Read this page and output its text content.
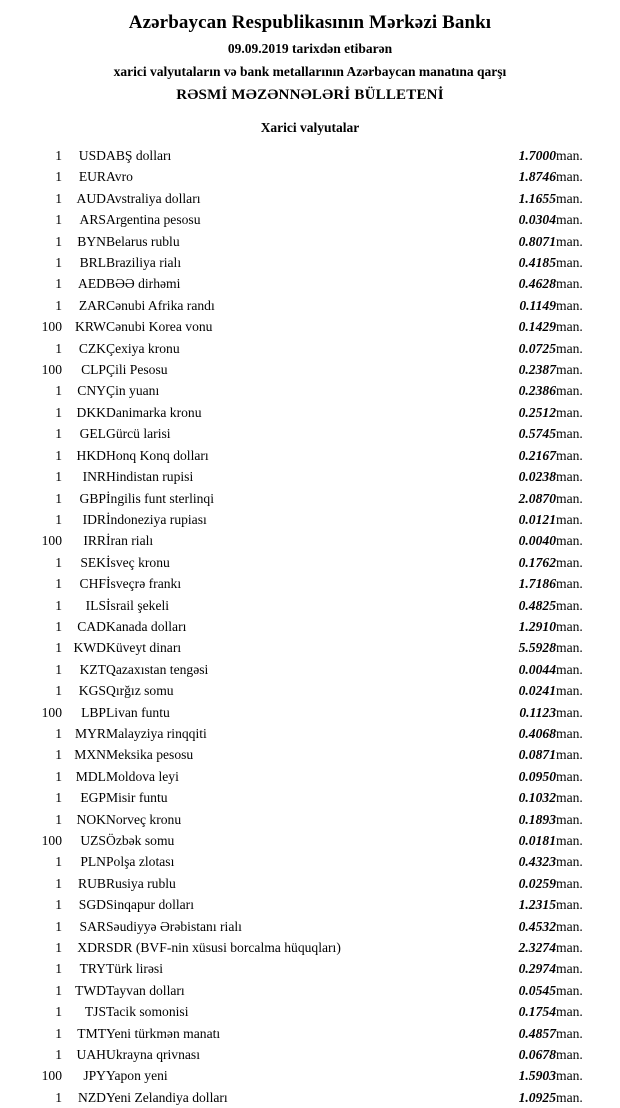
Azərbaycan Respublikasının Mərkəzi Bankı
09.09.2019 tarixdən etibarən
xarici valyutaların və bank metallarının Azərbaycan manatına qarşı
RƏSMİ MƏZƏNNƏLƏRİ BÜLLETENİ
Xarici valyutalar
1	USD	ABŞ dolları	1.7000	man.
1	EUR	Avro	1.8746	man.
1	AUD	Avstraliya dolları	1.1655	man.
1	ARS	Argentina pesosu	0.0304	man.
1	BYN	Belarus rublu	0.8071	man.
1	BRL	Braziliya rialı	0.4185	man.
1	AED	BƏƏ dirhəmi	0.4628	man.
1	ZAR	Cənubi Afrika randı	0.1149	man.
100	KRW	Cənubi Korea vonu	0.1429	man.
1	CZK	Çexiya kronu	0.0725	man.
100	CLP	Çili Pesosu	0.2387	man.
1	CNY	Çin yuanı	0.2386	man.
1	DKK	Danimarka kronu	0.2512	man.
1	GEL	Gürcü larisi	0.5745	man.
1	HKD	Honq Konq dolları	0.2167	man.
1	INR	Hindistan rupisi	0.0238	man.
1	GBP	İngilis funt sterlinqi	2.0870	man.
1	IDR	İndoneziya rupiası	0.0121	man.
100	IRR	İran rialı	0.0040	man.
1	SEK	İsveç kronu	0.1762	man.
1	CHF	İsveçrə frankı	1.7186	man.
1	ILS	İsrail şekeli	0.4825	man.
1	CAD	Kanada dolları	1.2910	man.
1	KWD	Küveyt dinarı	5.5928	man.
1	KZT	Qazaxıstan tengəsi	0.0044	man.
1	KGS	Qırğız somu	0.0241	man.
100	LBP	Livan funtu	0.1123	man.
1	MYR	Malayziya rinqqiti	0.4068	man.
1	MXN	Meksika pesosu	0.0871	man.
1	MDL	Moldova leyi	0.0950	man.
1	EGP	Misir funtu	0.1032	man.
1	NOK	Norveç kronu	0.1893	man.
100	UZS	Özbək somu	0.0181	man.
1	PLN	Polşa zlotası	0.4323	man.
1	RUB	Rusiya rublu	0.0259	man.
1	SGD	Sinqapur dolları	1.2315	man.
1	SAR	Səudiyyə Ərəbistanı rialı	0.4532	man.
1	XDR	SDR (BVF-nin xüsusi borcalma hüquqları)	2.3274	man.
1	TRY	Türk lirəsi	0.2974	man.
1	TWD	Tayvan dolları	0.0545	man.
1	TJS	Tacik somonisi	0.1754	man.
1	TMT	Yeni türkmən manatı	0.4857	man.
1	UAH	Ukrayna qrivnası	0.0678	man.
100	JPY	Yapon yeni	1.5903	man.
1	NZD	Yeni Zelandiya dolları	1.0925	man.
